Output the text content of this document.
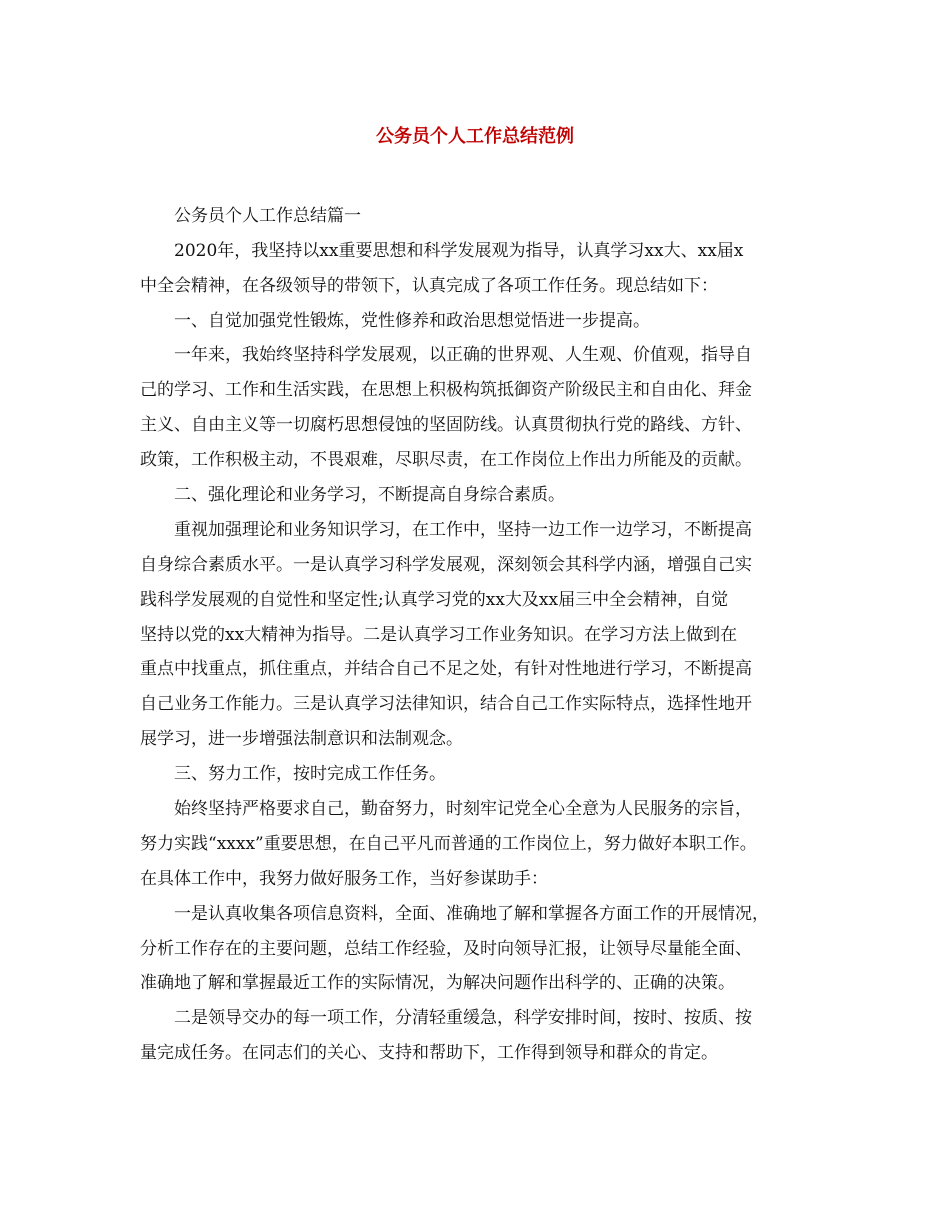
公务员个人工作总结范例
公务员个人工作总结篇一
2020年，我坚持以xx重要思想和科学发展观为指导，认真学习xx大、xx届x
中全会精神，在各级领导的带领下，认真完成了各项工作任务。现总结如下：
一、自觉加强党性锻炼，党性修养和政治思想觉悟进一步提高。
一年来，我始终坚持科学发展观，以正确的世界观、人生观、价值观，指导自
己的学习、工作和生活实践，在思想上积极构筑抵御资产阶级民主和自由化、拜金
主义、自由主义等一切腐朽思想侵蚀的坚固防线。认真贯彻执行党的路线、方针、
政策，工作积极主动，不畏艰难，尽职尽责，在工作岗位上作出力所能及的贡献。
二、强化理论和业务学习，不断提高自身综合素质。
重视加强理论和业务知识学习，在工作中，坚持一边工作一边学习，不断提高
自身综合素质水平。一是认真学习科学发展观，深刻领会其科学内涵，增强自己实
践科学发展观的自觉性和坚定性;认真学习党的xx大及xx届三中全会精神，自觉
坚持以党的xx大精神为指导。二是认真学习工作业务知识。在学习方法上做到在
重点中找重点，抓住重点，并结合自己不足之处，有针对性地进行学习，不断提高
自己业务工作能力。三是认真学习法律知识，结合自己工作实际特点，选择性地开
展学习，进一步增强法制意识和法制观念。
三、努力工作，按时完成工作任务。
始终坚持严格要求自己，勤奋努力，时刻牢记党全心全意为人民服务的宗旨，
努力实践“xxxx”重要思想，在自己平凡而普通的工作岗位上，努力做好本职工作。
在具体工作中，我努力做好服务工作，当好参谋助手：
一是认真收集各项信息资料，全面、准确地了解和掌握各方面工作的开展情况，
分析工作存在的主要问题，总结工作经验，及时向领导汇报，让领导尽量能全面、
准确地了解和掌握最近工作的实际情况，为解决问题作出科学的、正确的决策。
二是领导交办的每一项工作，分清轻重缓急，科学安排时间，按时、按质、按
量完成任务。在同志们的关心、支持和帮助下，工作得到领导和群众的肯定。
